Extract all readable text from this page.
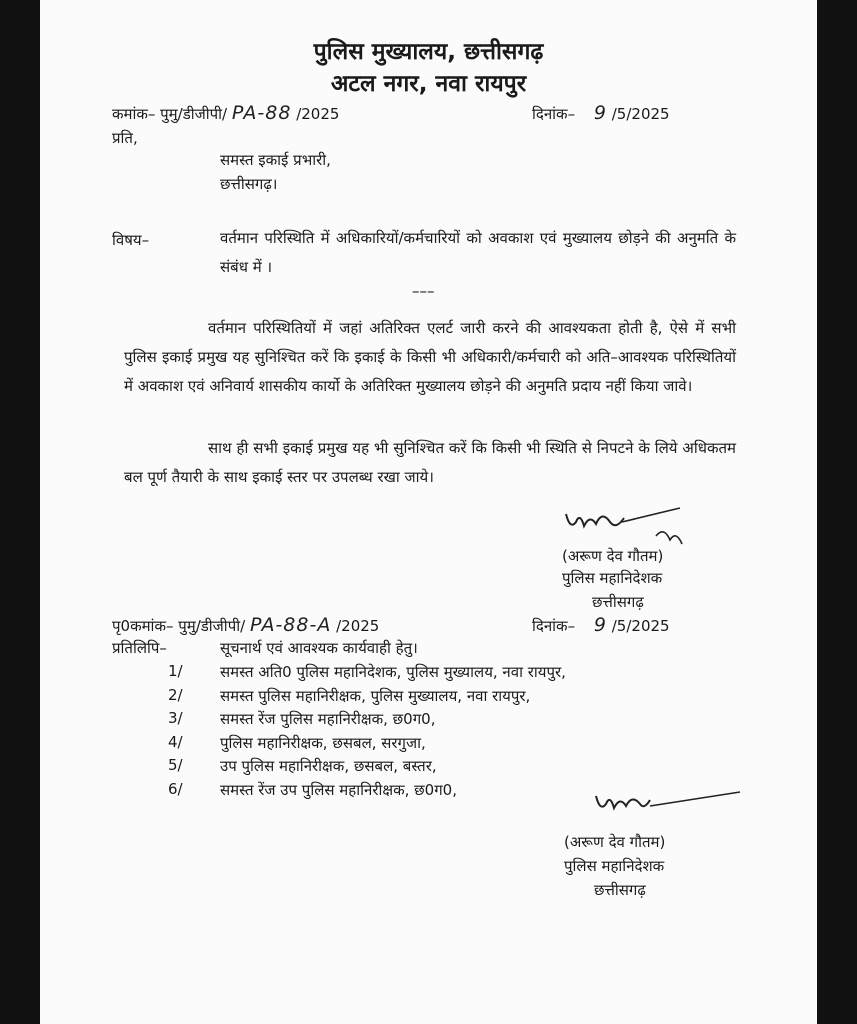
पुलिस मुख्यालय, छत्तीसगढ़
अटल नगर, नवा रायपुर
कमांक– पुमु/डीजीपी/ PA-88 /2025	दिनांक– 9 /5/2025
प्रति,
समस्त इकाई प्रभारी,
छत्तीसगढ़।
विषय–	वर्तमान परिस्थिति में अधिकारियों/कर्मचारियों को अवकाश एवं मुख्यालय छोड़ने की अनुमति के संबंध में ।
–––
वर्तमान परिस्थितियों में जहां अतिरिक्त एलर्ट जारी करने की आवश्यकता होती है, ऐसे में सभी पुलिस इकाई प्रमुख यह सुनिश्चित करें कि इकाई के किसी भी अधिकारी/कर्मचारी को अति–आवश्यक परिस्थितियों में अवकाश एवं अनिवार्य शासकीय कार्यो के अतिरिक्त मुख्यालय छोड़ने की अनुमति प्रदाय नहीं किया जावे।
साथ ही सभी इकाई प्रमुख यह भी सुनिश्चित करें कि किसी भी स्थिति से निपटने के लिये अधिकतम बल पूर्ण तैयारी के साथ इकाई स्तर पर उपलब्ध रखा जाये।
(अरूण देव गौतम)
पुलिस महानिदेशक
छत्तीसगढ़
पृ0कमांक– पुमु/डीजीपी/ PA-88-A /2025	दिनांक– 9 /5/2025
प्रतिलिपि–	सूचनार्थ एवं आवश्यक कार्यवाही हेतु।
1/	समस्त अति0 पुलिस महानिदेशक, पुलिस मुख्यालय, नवा रायपुर,
2/	समस्त पुलिस महानिरीक्षक, पुलिस मुख्यालय, नवा रायपुर,
3/	समस्त रेंज पुलिस महानिरीक्षक, छ0ग0,
4/	पुलिस महानिरीक्षक, छसबल, सरगुजा,
5/	उप पुलिस महानिरीक्षक, छसबल, बस्तर,
6/	समस्त रेंज उप पुलिस महानिरीक्षक, छ0ग0,
(अरूण देव गौतम)
पुलिस महानिदेशक
छत्तीसगढ़
